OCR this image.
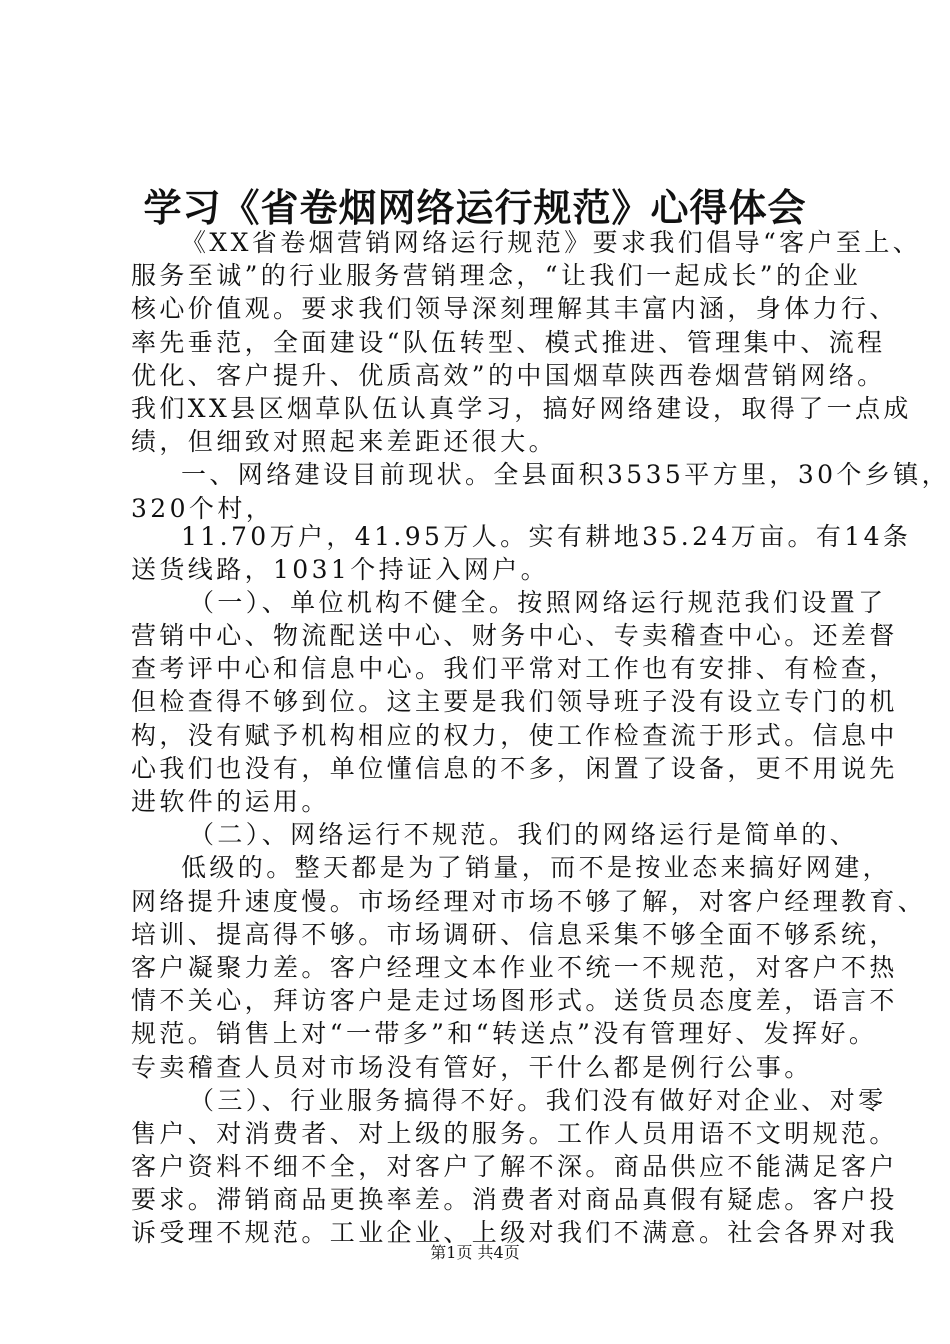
学习《省卷烟网络运行规范》心得体会
《XX省卷烟营销网络运行规范》要求我们倡导“客户至上、
服务至诚”的行业服务营销理念，“让我们一起成长”的企业
核心价值观。要求我们领导深刻理解其丰富内涵，身体力行、
率先垂范，全面建设“队伍转型、模式推进、管理集中、流程
优化、客户提升、优质高效”的中国烟草陕西卷烟营销网络。
我们XX县区烟草队伍认真学习，搞好网络建设，取得了一点成
绩，但细致对照起来差距还很大。
一、网络建设目前现状。全县面积3535平方里，30个乡镇，
320个村，
11.70万户，41.95万人。实有耕地35.24万亩。有14条
送货线路，1031个持证入网户。
（一）、单位机构不健全。按照网络运行规范我们设置了
营销中心、物流配送中心、财务中心、专卖稽查中心。还差督
查考评中心和信息中心。我们平常对工作也有安排、有检查，
但检查得不够到位。这主要是我们领导班子没有设立专门的机
构，没有赋予机构相应的权力，使工作检查流于形式。信息中
心我们也没有，单位懂信息的不多，闲置了设备，更不用说先
进软件的运用。
（二）、网络运行不规范。我们的网络运行是简单的、
低级的。整天都是为了销量，而不是按业态来搞好网建，
网络提升速度慢。市场经理对市场不够了解，对客户经理教育、
培训、提高得不够。市场调研、信息采集不够全面不够系统，
客户凝聚力差。客户经理文本作业不统一不规范，对客户不热
情不关心，拜访客户是走过场图形式。送货员态度差，语言不
规范。销售上对“一带多”和“转送点”没有管理好、发挥好。
专卖稽查人员对市场没有管好，干什么都是例行公事。
（三）、行业服务搞得不好。我们没有做好对企业、对零
售户、对消费者、对上级的服务。工作人员用语不文明规范。
客户资料不细不全，对客户了解不深。商品供应不能满足客户
要求。滞销商品更换率差。消费者对商品真假有疑虑。客户投
诉受理不规范。工业企业、上级对我们不满意。社会各界对我
第1页 共4页
